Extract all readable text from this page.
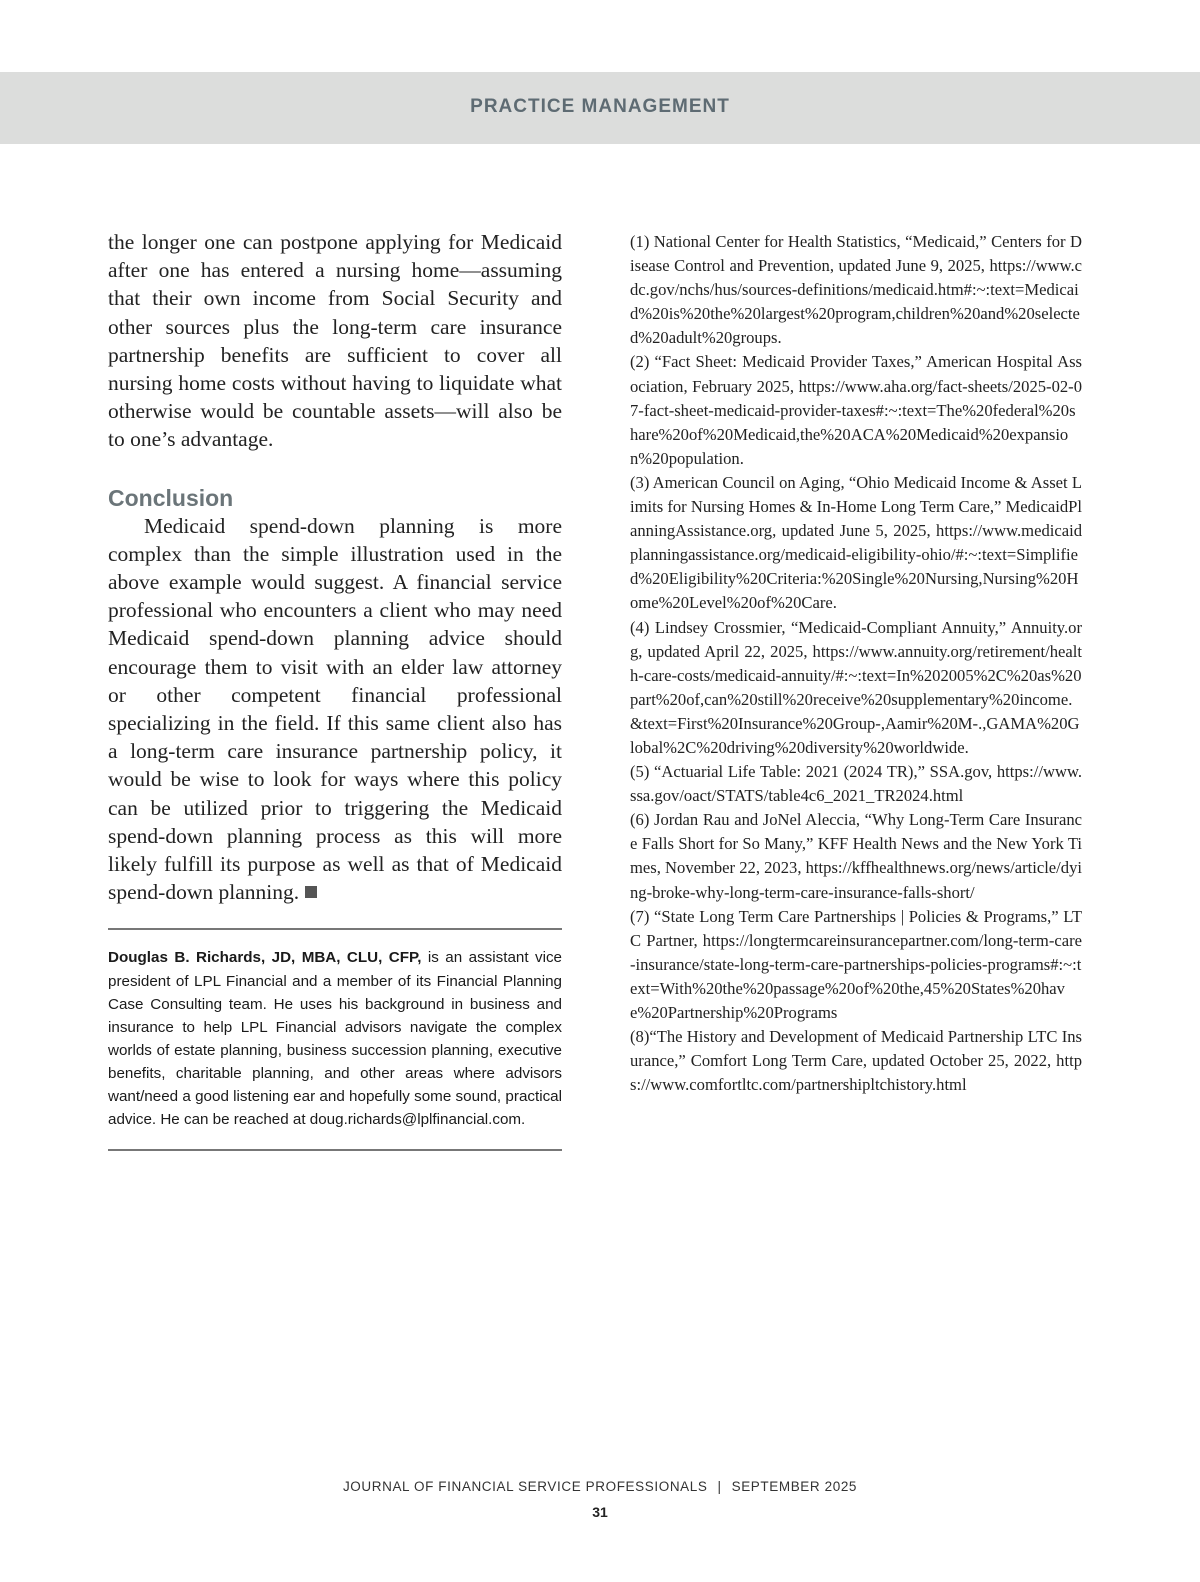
PRACTICE MANAGEMENT

the longer one can postpone applying for Medicaid after one has entered a nursing home—assuming that their own income from Social Security and other sources plus the long-term care insurance partnership benefits are sufficient to cover all nursing home costs without having to liquidate what otherwise would be countable assets—will also be to one’s advantage.

Conclusion

Medicaid spend-down planning is more complex than the simple illustration used in the above example would suggest. A financial service professional who encounters a client who may need Medicaid spend-down planning advice should encourage them to visit with an elder law attorney or other competent financial professional specializing in the field. If this same client also has a long-term care insurance partnership policy, it would be wise to look for ways where this policy can be utilized prior to triggering the Medicaid spend-down planning process as this will more likely fulfill its purpose as well as that of Medicaid spend-down planning.

Douglas B. Richards, JD, MBA, CLU, CFP, is an assistant vice president of LPL Financial and a member of its Financial Planning Case Consulting team. He uses his background in business and insurance to help LPL Financial advisors navigate the complex worlds of estate planning, business succession planning, executive benefits, charitable planning, and other areas where advisors want/need a good listening ear and hopefully some sound, practical advice. He can be reached at doug.richards@lplfinancial.com.

(1) National Center for Health Statistics, “Medicaid,” Centers for Disease Control and Prevention, updated June 9, 2025, https://www.cdc.gov/nchs/hus/sources-definitions/medicaid.htm#:~:text=Medicaid%20is%20the%20largest%20program,children%20and%20selected%20adult%20groups.

(2) “Fact Sheet: Medicaid Provider Taxes,” American Hospital Association, February 2025, https://www.aha.org/fact-sheets/2025-02-07-fact-sheet-medicaid-provider-taxes#:~:text=The%20federal%20share%20of%20Medicaid,the%20ACA%20Medicaid%20expansion%20population.

(3) American Council on Aging, “Ohio Medicaid Income & Asset Limits for Nursing Homes & In-Home Long Term Care,” MedicaidPlanningAssistance.org, updated June 5, 2025, https://www.medicaidplanningassistance.org/medicaid-eligibility-ohio/#:~:text=Simplified%20Eligibility%20Criteria:%20Single%20Nursing,Nursing%20Home%20Level%20of%20Care.

(4) Lindsey Crossmier, “Medicaid-Compliant Annuity,” Annuity.org, updated April 22, 2025, https://www.annuity.org/retirement/health-care-costs/medicaid-annuity/#:~:text=In%202005%2C%20as%20part%20of,can%20still%20receive%20supplementary%20income.&text=First%20Insurance%20Group-,Aamir%20M-.,GAMA%20Global%2C%20driving%20diversity%20worldwide.

(5) “Actuarial Life Table: 2021 (2024 TR),” SSA.gov, https://www.ssa.gov/oact/STATS/table4c6_2021_TR2024.html

(6) Jordan Rau and JoNel Aleccia, “Why Long-Term Care Insurance Falls Short for So Many,” KFF Health News and the New York Times, November 22, 2023, https://kffhealthnews.org/news/article/dying-broke-why-long-term-care-insurance-falls-short/

(7) “State Long Term Care Partnerships | Policies & Programs,” LTC Partner, https://longtermcareinsurancepartner.com/long-term-care-insurance/state-long-term-care-partnerships-policies-programs#:~:text=With%20the%20passage%20of%20the,45%20States%20have%20Partnership%20Programs

(8)“The History and Development of Medicaid Partnership LTC Insurance,” Comfort Long Term Care, updated October 25, 2022, https://www.comfortltc.com/partnershipltchistory.html

JOURNAL OF FINANCIAL SERVICE PROFESSIONALS | SEPTEMBER 2025
31
